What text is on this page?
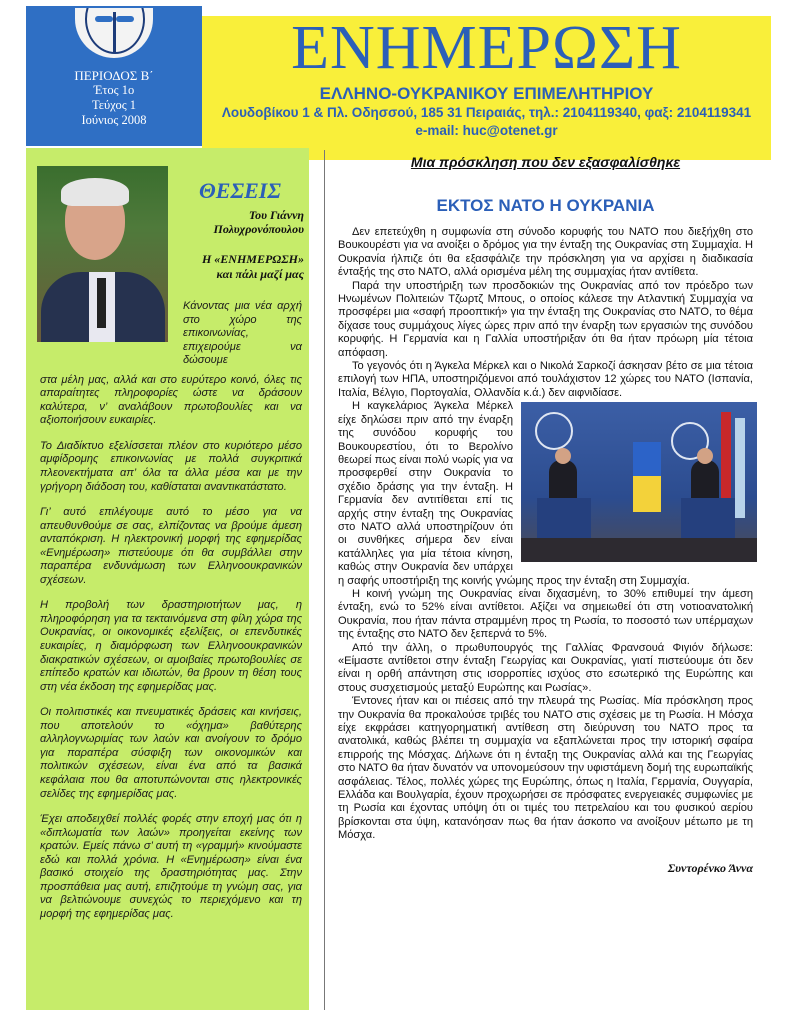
ΠΕΡΙΟΔΟΣ Β΄
Έτος 1ο
Τεύχος 1
Ιούνιος 2008
ΕΝΗΜΕΡΩΣΗ
ΕΛΛΗΝΟ-ΟΥΚΡΑΝΙΚΟΥ ΕΠΙΜΕΛΗΤΗΡΙΟΥ
Λουδοβίκου 1 & Πλ. Οδησσού, 185 31 Πειραιάς, τηλ.: 2104119340, φαξ: 2104119341
e-mail: huc@otenet.gr
ΘΕΣΕΙΣ
Του Γιάννη
Πολυχρονόπουλου
Η «ΕΝΗΜΕΡΩΣΗ»
και πάλι μαζί μας

Κάνοντας μια νέα αρχή στο χώρο της επικοινωνίας, επιχειρούμε να δώσουμε

στα μέλη μας, αλλά και στο ευρύτερο κοινό, όλες τις απαραίτητες πληροφορίες ώστε να δράσουν καλύτερα, ν’ αναλάβουν πρωτοβουλίες και να αξιοποιήσουν ευκαιρίες.

Το Διαδίκτυο εξελίσσεται πλέον στο κυριότερο μέσο αμφίδρομης επικοινωνίας με πολλά συγκριτικά πλεονεκτήματα απ’ όλα τα άλλα μέσα και με την γρήγορη διάδοση του, καθίσταται αναντικατάστατο.

Γι’ αυτό επιλέγουμε αυτό το μέσο για να απευθυνθούμε σε σας, ελπίζοντας να βρούμε άμεση ανταπόκριση. Η ηλεκτρονική μορφή της εφημερίδας «Ενημέρωση» πιστεύουμε ότι θα συμβάλλει στην παραπέρα ενδυνάμωση των Ελληνοουκρανικών σχέσεων.

Η προβολή των δραστηριοτήτων μας, η πληροφόρηση για τα τεκταινόμενα στη φίλη χώρα της Ουκρανίας, οι οικονομικές εξελίξεις, οι επενδυτικές ευκαιρίες, η διαμόρφωση των Ελληνοουκρανικών διακρατικών σχέσεων, οι αμοιβαίες πρωτοβουλίες σε επίπεδο κρατών και ιδιωτών, θα βρουν τη θέση τους στη νέα έκδοση της εφημερίδας μας.

Οι πολιτιστικές και πνευματικές δράσεις και κινήσεις, που αποτελούν το «όχημα» βαθύτερης αλληλογνωριμίας των λαών και ανοίγουν το δρόμο για παραπέρα σύσφιξη των οικονομικών και πολιτικών σχέσεων, είναι ένα από τα βασικά κεφάλαια που θα αποτυπώνονται στις ηλεκτρονικές σελίδες της εφημερίδας μας.

Έχει αποδειχθεί πολλές φορές στην εποχή μας ότι η «διπλωματία των λαών» προηγείται εκείνης των κρατών. Εμείς πάνω σ’ αυτή τη «γραμμή» κινούμαστε εδώ και πολλά χρόνια. Η «Ενημέρωση» είναι ένα βασικό στοιχείο της δραστηριότητας μας. Στην προσπάθεια μας αυτή, επιζητούμε τη γνώμη σας, για να βελτιώνουμε συνεχώς το περιεχόμενο και τη μορφή της εφημερίδας μας.

Μια πρόσκληση που δεν εξασφαλίσθηκε
ΕΚΤΟΣ ΝΑΤΟ Η ΟΥΚΡΑΝΙΑ

Δεν επετεύχθη η συμφωνία στη σύνοδο κορυφής του ΝΑΤΟ που διεξήχθη στο Βουκουρέστι για να ανοίξει ο δρόμος για την ένταξη της Ουκρανίας στη Συμμαχία. Η Ουκρανία ήλπιζε ότι θα εξασφάλιζε την πρόσκληση για να αρχίσει η διαδικασία ένταξής της στο ΝΑΤΟ, αλλά ορισμένα μέλη της συμμαχίας ήταν αντίθετα.

Παρά την υποστήριξη των προσδοκιών της Ουκρανίας από τον πρόεδρο των Ηνωμένων Πολιτειών Τζωρτζ Μπους, ο οποίος κάλεσε την Ατλαντική Συμμαχία να προσφέρει μια «σαφή προοπτική» για την ένταξη της Ουκρανίας στο ΝΑΤΟ, το θέμα δίχασε τους συμμάχους λίγες ώρες πριν από την έναρξη των εργασιών της συνόδου κορυφής. Η Γερμανία και η Γαλλία υποστήριξαν ότι θα ήταν πρόωρη μία τέτοια απόφαση.

Το γεγονός ότι η Άγκελα Μέρκελ και ο Νικολά Σαρκοζί άσκησαν βέτο σε μια τέτοια επιλογή των ΗΠΑ, υποστηριζόμενοι από τουλάχιστον 12 χώρες του ΝΑΤΟ (Ισπανία, Ιταλία, Βέλγιο, Πορτογαλία, Ολλανδία κ.ά.) δεν αιφνιδίασε.

Η καγκελάριος Άγκελα Μέρκελ είχε δηλώσει πριν από την έναρξη της συνόδου κορυφής του Βουκουρεστίου, ότι το Βερολίνο θεωρεί πως είναι πολύ νωρίς για να προσφερθεί στην Ουκρανία το σχέδιο δράσης για την ένταξη. Η Γερμανία δεν αντιτίθεται επί τις αρχής στην ένταξη της Ουκρανίας στο ΝΑΤΟ αλλά υποστηρίζουν ότι οι συνθήκες σήμερα δεν είναι κατάλληλες για μία τέτοια κίνηση, καθώς στην Ουκρανία δεν υπάρχει η σαφής υποστήριξη της κοινής γνώμης προς την ένταξη στη Συμμαχία.

Η κοινή γνώμη της Ουκρανίας είναι διχασμένη, το 30% επιθυμεί την άμεση ένταξη, ενώ το 52% είναι αντίθετοι. Αξίζει να σημειωθεί ότι στη νοτιοανατολική Ουκρανία, που ήταν πάντα στραμμένη προς τη Ρωσία, το ποσοστό των υπέρμαχων της ένταξης στο ΝΑΤΟ δεν ξεπερνά το 5%.

Από την άλλη, ο πρωθυπουργός της Γαλλίας Φρανσουά Φιγιόν δήλωσε: «Είμαστε αντίθετοι στην ένταξη Γεωργίας και Ουκρανίας, γιατί πιστεύουμε ότι δεν είναι η ορθή απάντηση στις ισορροπίες ισχύος στο εσωτερικό της Ευρώπης και στους συσχετισμούς μεταξύ Ευρώπης και Ρωσίας».

Έντονες ήταν και οι πιέσεις από την πλευρά της Ρωσίας. Μία πρόσκληση προς την Ουκρανία θα προκαλούσε τριβές του ΝΑΤΟ στις σχέσεις με τη Ρωσία. Η Μόσχα είχε εκφράσει κατηγορηματική αντίθεση στη διεύρυνση του ΝΑΤΟ προς τα ανατολικά, καθώς βλέπει τη συμμαχία να εξαπλώνεται προς την ιστορική σφαίρα επιρροής της Μόσχας. Δήλωνε ότι η ένταξη της Ουκρανίας αλλά και της Γεωργίας στο ΝΑΤΟ θα ήταν δυνατόν να υπονομεύσουν την υφιστάμενη δομή της ευρωπαϊκής ασφάλειας. Τέλος, πολλές χώρες της Ευρώπης, όπως η Ιταλία, Γερμανία, Ουγγαρία, Ελλάδα και Βουλγαρία, έχουν προχωρήσει σε πρόσφατες ενεργειακές συμφωνίες με τη Ρωσία και έχοντας υπόψη ότι οι τιμές του πετρελαίου και του φυσικού αερίου βρίσκονται στα ύψη, κατανόησαν πως θα ήταν άσκοπο να ανοίξουν μέτωπο με τη Μόσχα.

Συντορένκο Άννα
